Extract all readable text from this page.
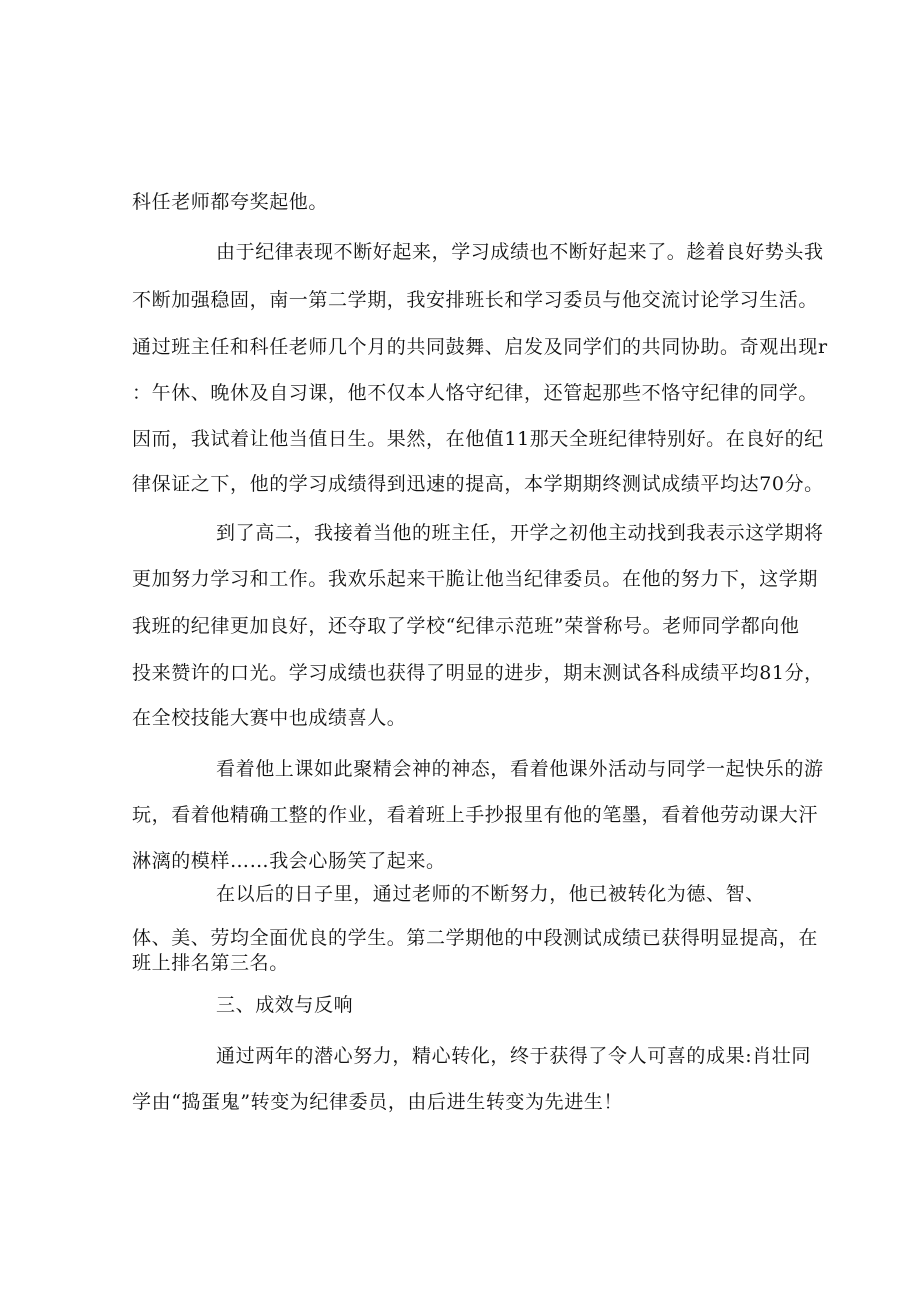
科任老师都夸奖起他。
由于纪律表现不断好起来，学习成绩也不断好起来了。趁着良好势头我
不断加强稳固，南一第二学期，我安排班长和学习委员与他交流讨论学习生活。
通过班主任和科任老师几个月的共同鼓舞、启发及同学们的共同协助。奇观出现r
：午休、晚休及自习课，他不仅本人恪守纪律，还管起那些不恪守纪律的同学。
因而，我试着让他当值日生。果然，在他值11那天全班纪律特别好。在良好的纪
律保证之下，他的学习成绩得到迅速的提高，本学期期终测试成绩平均达70分。
到了高二，我接着当他的班主任，开学之初他主动找到我表示这学期将
更加努力学习和工作。我欢乐起来干脆让他当纪律委员。在他的努力下，这学期
我班的纪律更加良好，还夺取了学校“纪律示范班”荣誉称号。老师同学都向他
投来赞许的口光。学习成绩也获得了明显的进步，期末测试各科成绩平均81分，
在全校技能大赛中也成绩喜人。
看着他上课如此聚精会神的神态，看着他课外活动与同学一起快乐的游
玩，看着他精确工整的作业，看着班上手抄报里有他的笔墨，看着他劳动课大汗
淋漓的模样……我会心肠笑了起来。
在以后的日子里，通过老师的不断努力，他已被转化为德、智、
体、美、劳均全面优良的学生。第二学期他的中段测试成绩已获得明显提高，在
班上排名第三名。
三、成效与反响
通过两年的潜心努力，精心转化，终于获得了令人可喜的成果:肖壮同
学由“捣蛋鬼”转变为纪律委员，由后进生转变为先进生！
